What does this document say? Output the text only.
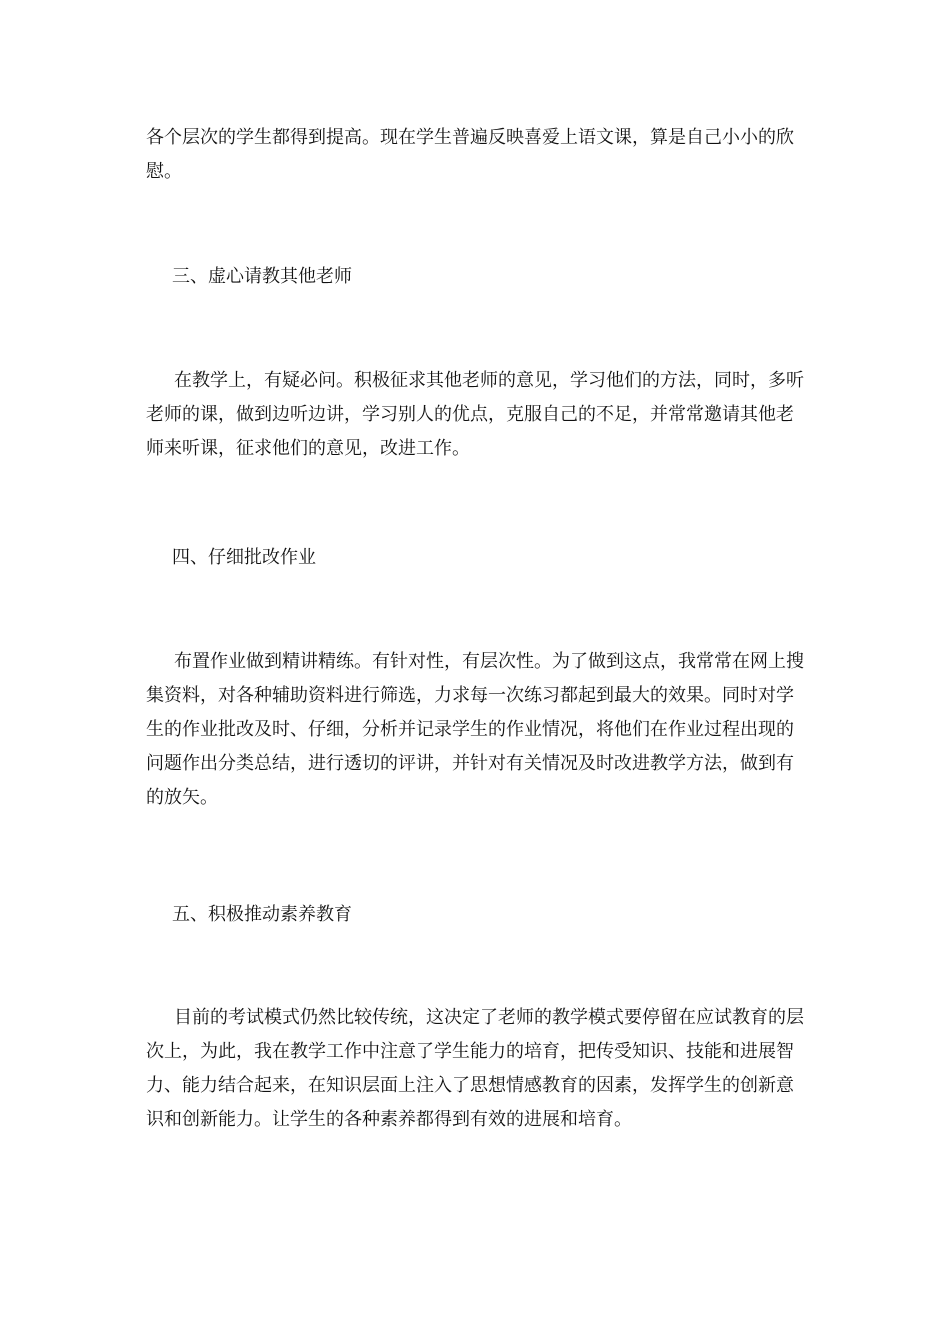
各个层次的学生都得到提高。现在学生普遍反映喜爱上语文课，算是自己小小的欣慰。

三、虚心请教其他老师

在教学上，有疑必问。积极征求其他老师的意见，学习他们的方法，同时，多听老师的课，做到边听边讲，学习别人的优点，克服自己的不足，并常常邀请其他老师来听课，征求他们的意见，改进工作。

四、仔细批改作业

布置作业做到精讲精练。有针对性，有层次性。为了做到这点，我常常在网上搜集资料，对各种辅助资料进行筛选，力求每一次练习都起到最大的效果。同时对学生的作业批改及时、仔细，分析并记录学生的作业情况，将他们在作业过程出现的问题作出分类总结，进行透切的评讲，并针对有关情况及时改进教学方法，做到有的放矢。

五、积极推动素养教育

目前的考试模式仍然比较传统，这决定了老师的教学模式要停留在应试教育的层次上，为此，我在教学工作中注意了学生能力的培育，把传受知识、技能和进展智力、能力结合起来，在知识层面上注入了思想情感教育的因素，发挥学生的创新意识和创新能力。让学生的各种素养都得到有效的进展和培育。
